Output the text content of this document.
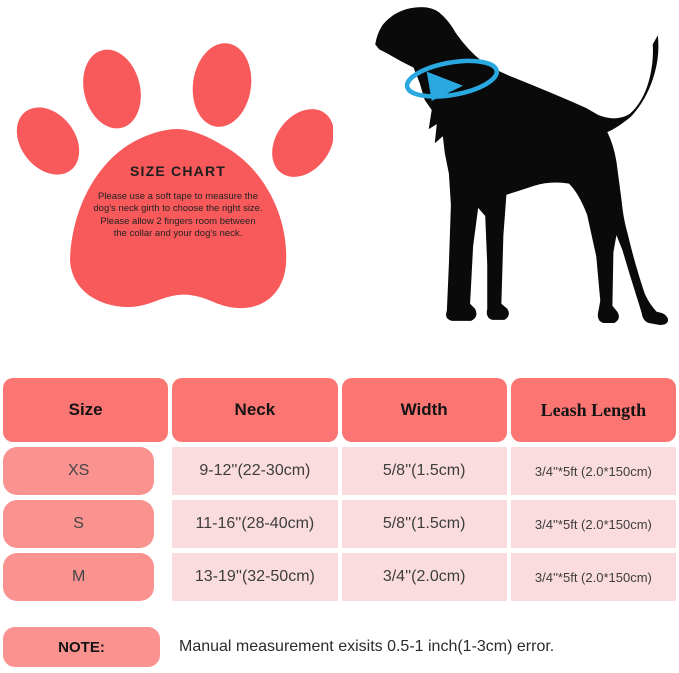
SIZE CHART
Please use a soft tape to measure the
dog's neck girth to choose the right size.
Please allow 2 fingers room between
the collar and your dog's neck.
Size	Neck	Width	Leash Length
XS	9-12''(22-30cm)	5/8''(1.5cm)	3/4''*5ft (2.0*150cm)
S	11-16''(28-40cm)	5/8''(1.5cm)	3/4''*5ft (2.0*150cm)
M	13-19''(32-50cm)	3/4''(2.0cm)	3/4''*5ft (2.0*150cm)
NOTE:	Manual measurement exisits 0.5-1 inch(1-3cm) error.
